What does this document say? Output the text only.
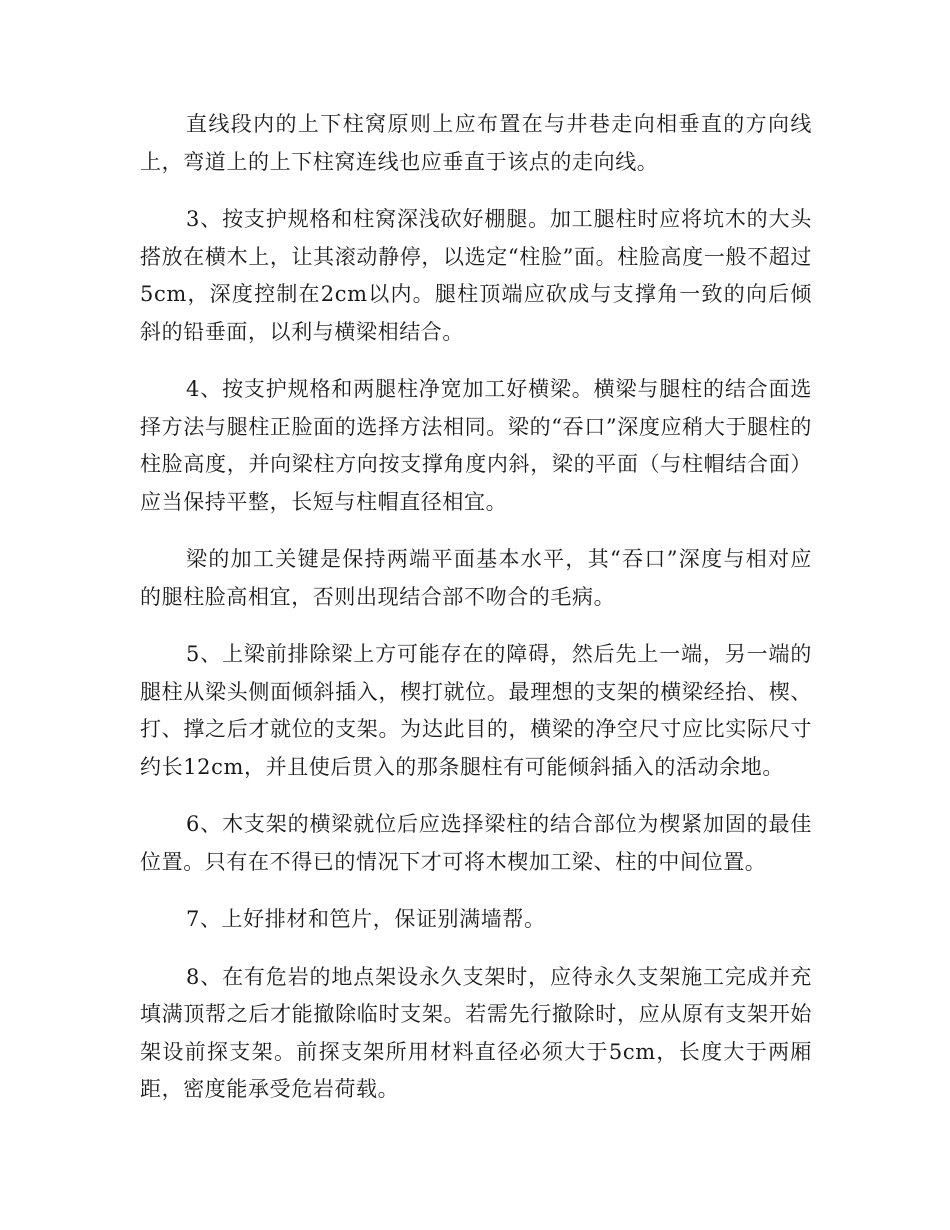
直线段内的上下柱窝原则上应布置在与井巷走向相垂直的方向线上，弯道上的上下柱窝连线也应垂直于该点的走向线。

3、按支护规格和柱窝深浅砍好棚腿。加工腿柱时应将坑木的大头搭放在横木上，让其滚动静停，以选定“柱脸”面。柱脸高度一般不超过5cm，深度控制在2cm以内。腿柱顶端应砍成与支撑角一致的向后倾斜的铅垂面，以利与横梁相结合。

4、按支护规格和两腿柱净宽加工好横梁。横梁与腿柱的结合面选择方法与腿柱正脸面的选择方法相同。梁的“吞口”深度应稍大于腿柱的柱脸高度，并向梁柱方向按支撑角度内斜，梁的平面（与柱帽结合面）应当保持平整，长短与柱帽直径相宜。

梁的加工关键是保持两端平面基本水平，其“吞口”深度与相对应的腿柱脸高相宜，否则出现结合部不吻合的毛病。

5、上梁前排除梁上方可能存在的障碍，然后先上一端，另一端的腿柱从梁头侧面倾斜插入，楔打就位。最理想的支架的横梁经抬、楔、打、撑之后才就位的支架。为达此目的，横梁的净空尺寸应比实际尺寸约长12cm，并且使后贯入的那条腿柱有可能倾斜插入的活动余地。

6、木支架的横梁就位后应选择梁柱的结合部位为楔紧加固的最佳位置。只有在不得已的情况下才可将木楔加工梁、柱的中间位置。

7、上好排材和笆片，保证别满墙帮。

8、在有危岩的地点架设永久支架时，应待永久支架施工完成并充填满顶帮之后才能撤除临时支架。若需先行撤除时，应从原有支架开始架设前探支架。前探支架所用材料直径必须大于5cm，长度大于两厢距，密度能承受危岩荷载。
